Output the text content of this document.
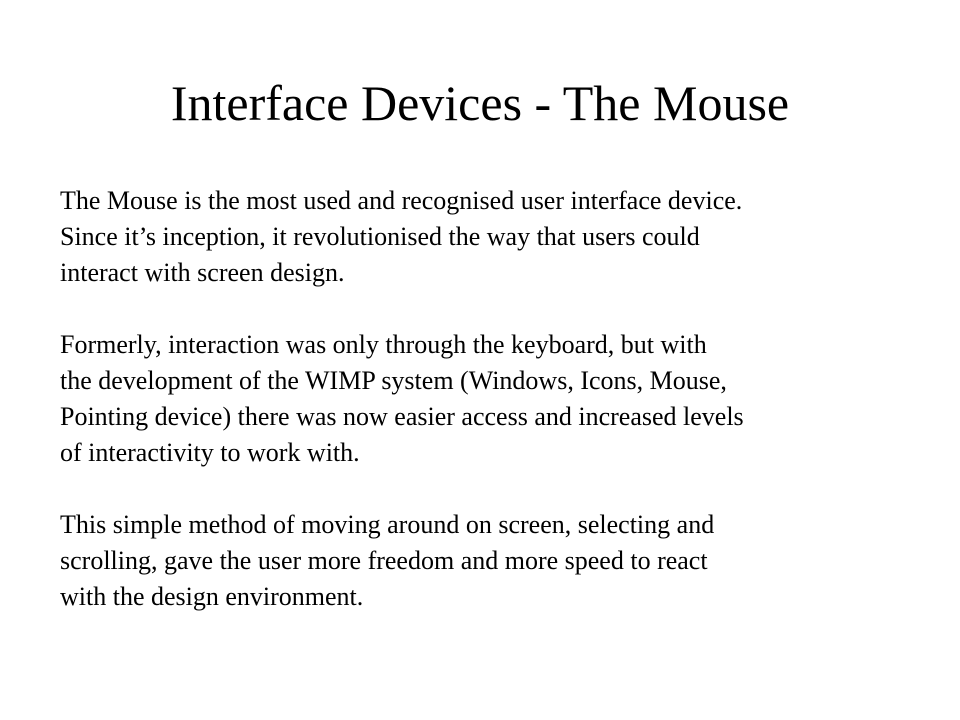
Interface Devices - The Mouse
The Mouse is the most used and recognised user interface device.
Since it’s inception, it revolutionised the way that users could
interact with screen design.
Formerly, interaction was only through the keyboard, but with
the development of the WIMP system (Windows, Icons, Mouse,
Pointing device) there was now easier access and increased levels
of interactivity to work with.
This simple method of moving around on screen, selecting and
scrolling, gave the user more freedom and more speed to react
with the design environment.
